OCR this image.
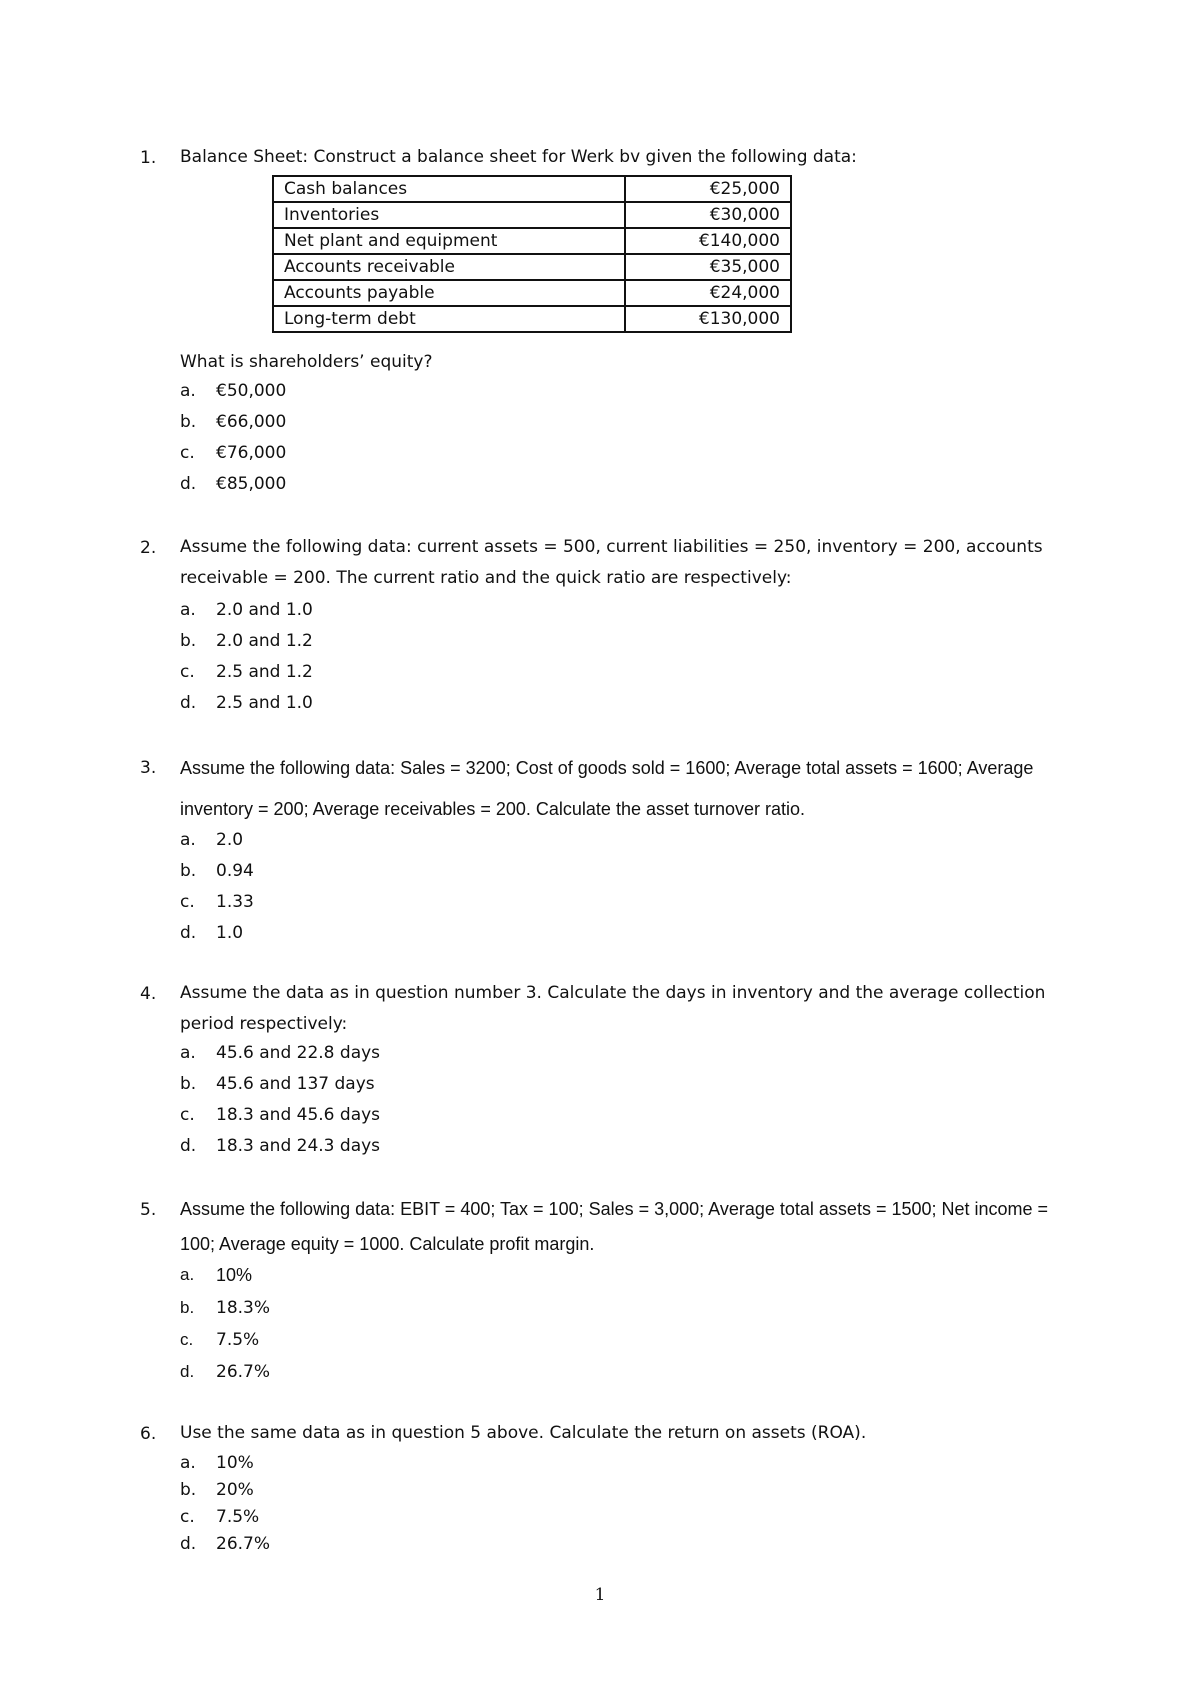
1.	Balance Sheet: Construct a balance sheet for Werk bv given the following data:
Cash balances	€25,000
Inventories	€30,000
Net plant and equipment	€140,000
Accounts receivable	€35,000
Accounts payable	€24,000
Long-term debt	€130,000
What is shareholders’ equity?
a. €50,000
b. €66,000
c. €76,000
d. €85,000
2.	Assume the following data: current assets = 500, current liabilities = 250, inventory = 200, accounts receivable = 200. The current ratio and the quick ratio are respectively:
a. 2.0 and 1.0
b. 2.0 and 1.2
c. 2.5 and 1.2
d. 2.5 and 1.0
3.	Assume the following data: Sales = 3200; Cost of goods sold = 1600; Average total assets = 1600; Average inventory = 200; Average receivables = 200. Calculate the asset turnover ratio.
a. 2.0
b. 0.94
c. 1.33
d. 1.0
4.	Assume the data as in question number 3. Calculate the days in inventory and the average collection period respectively:
a. 45.6 and 22.8 days
b. 45.6 and 137 days
c. 18.3 and 45.6 days
d. 18.3 and 24.3 days
5.	Assume the following data: EBIT = 400; Tax = 100; Sales = 3,000; Average total assets = 1500; Net income = 100; Average equity = 1000. Calculate profit margin.
a. 10%
b. 18.3%
c. 7.5%
d. 26.7%
6.	Use the same data as in question 5 above. Calculate the return on assets (ROA).
a. 10%
b. 20%
c. 7.5%
d. 26.7%
1
